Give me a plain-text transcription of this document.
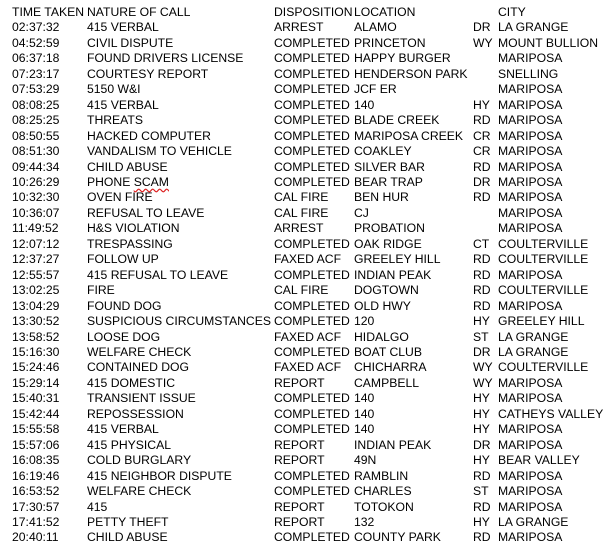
TIME TAKEN	NATURE OF CALL	DISPOSITION	LOCATION		CITY
02:37:32	415 VERBAL	ARREST	ALAMO	DR	LA GRANGE
04:52:59	CIVIL DISPUTE	COMPLETED	PRINCETON	WY	MOUNT BULLION
06:37:18	FOUND DRIVERS LICENSE	COMPLETED	HAPPY BURGER		MARIPOSA
07:23:17	COURTESY REPORT	COMPLETED	HENDERSON PARK		SNELLING
07:53:29	5150 W&I	COMPLETED	JCF ER		MARIPOSA
08:08:25	415 VERBAL	COMPLETED	140	HY	MARIPOSA
08:25:25	THREATS	COMPLETED	BLADE CREEK	RD	MARIPOSA
08:50:55	HACKED COMPUTER	COMPLETED	MARIPOSA CREEK	CR	MARIPOSA
08:51:30	VANDALISM TO VEHICLE	COMPLETED	COAKLEY	CR	MARIPOSA
09:44:34	CHILD ABUSE	COMPLETED	SILVER BAR	RD	MARIPOSA
10:26:29	PHONE SCAM	COMPLETED	BEAR TRAP	DR	MARIPOSA
10:32:30	OVEN FIRE	CAL FIRE	BEN HUR	RD	MARIPOSA
10:36:07	REFUSAL TO LEAVE	CAL FIRE	CJ		MARIPOSA
11:49:52	H&S VIOLATION	ARREST	PROBATION		MARIPOSA
12:07:12	TRESPASSING	COMPLETED	OAK RIDGE	CT	COULTERVILLE
12:37:27	FOLLOW UP	FAXED ACF	GREELEY HILL	RD	COULTERVILLE
12:55:57	415 REFUSAL TO LEAVE	COMPLETED	INDIAN PEAK	RD	MARIPOSA
13:02:25	FIRE	CAL FIRE	DOGTOWN	RD	COULTERVILLE
13:04:29	FOUND DOG	COMPLETED	OLD HWY	RD	MARIPOSA
13:30:52	SUSPICIOUS CIRCUMSTANCES	COMPLETED	120	HY	GREELEY HILL
13:58:52	LOOSE DOG	FAXED ACF	HIDALGO	ST	LA GRANGE
15:16:30	WELFARE CHECK	COMPLETED	BOAT CLUB	DR	LA GRANGE
15:24:46	CONTAINED DOG	FAXED ACF	CHICHARRA	WY	COULTERVILLE
15:29:14	415 DOMESTIC	REPORT	CAMPBELL	WY	MARIPOSA
15:40:31	TRANSIENT ISSUE	COMPLETED	140	HY	MARIPOSA
15:42:44	REPOSSESSION	COMPLETED	140	HY	CATHEYS VALLEY
15:55:58	415 VERBAL	COMPLETED	140	HY	MARIPOSA
15:57:06	415 PHYSICAL	REPORT	INDIAN PEAK	DR	MARIPOSA
16:08:35	COLD BURGLARY	REPORT	49N	HY	BEAR VALLEY
16:19:46	415 NEIGHBOR DISPUTE	COMPLETED	RAMBLIN	RD	MARIPOSA
16:53:52	WELFARE CHECK	COMPLETED	CHARLES	ST	MARIPOSA
17:30:57	415	REPORT	TOTOKON	RD	MARIPOSA
17:41:52	PETTY THEFT	REPORT	132	HY	LA GRANGE
20:40:11	CHILD ABUSE	COMPLETED	COUNTY PARK	RD	MARIPOSA
